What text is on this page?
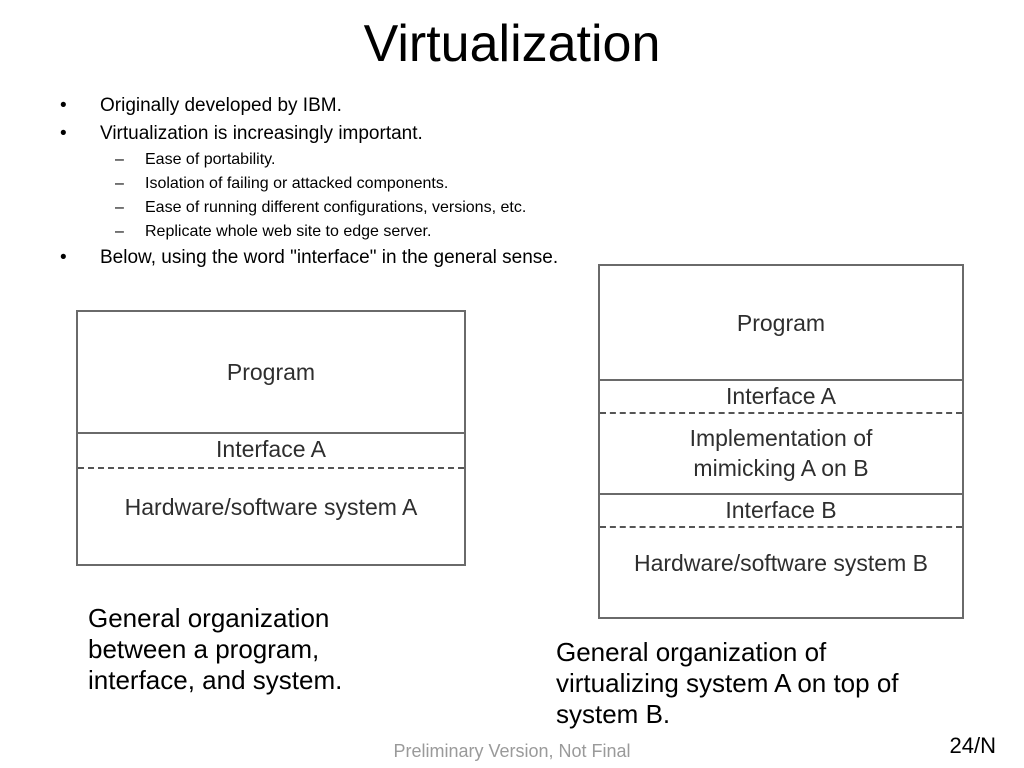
Virtualization
• Originally developed by IBM.
• Virtualization is increasingly important.
– Ease of portability.
– Isolation of failing or attacked components.
– Ease of running different configurations, versions, etc.
– Replicate whole web site to edge server.
• Below, using the word "interface" in the general sense.
Program
Interface A
Hardware/software system A
Program
Interface A
Implementation of
mimicking A on B
Interface B
Hardware/software system B
General organization between a program, interface, and system.
General organization of virtualizing system A on top of system B.
Preliminary Version, Not Final	24/N
